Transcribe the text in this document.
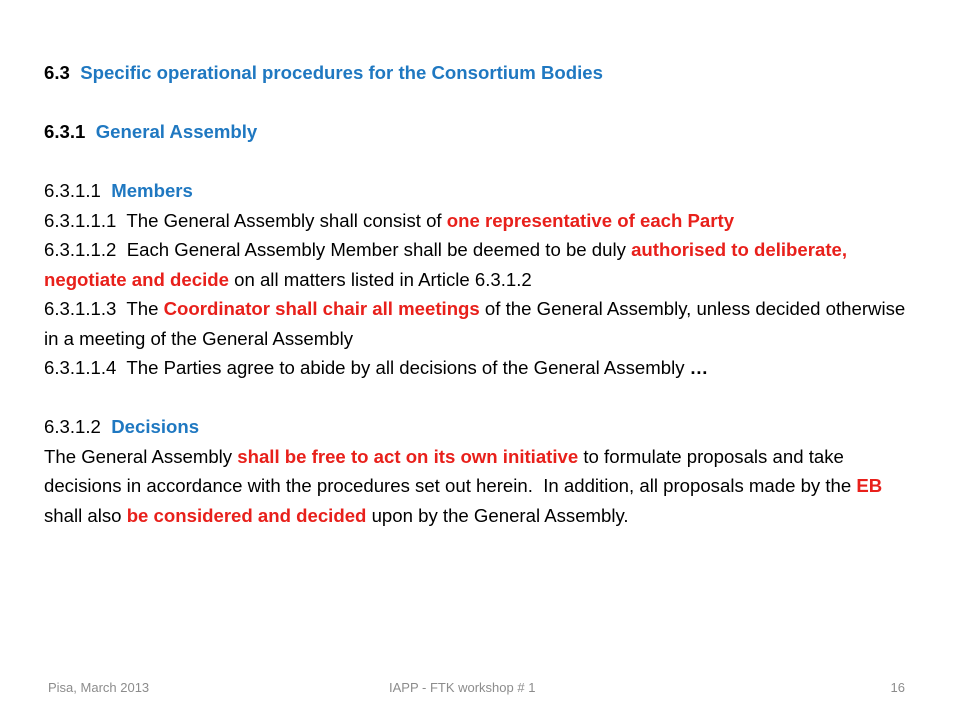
6.3 Specific operational procedures for the Consortium Bodies
6.3.1 General Assembly
6.3.1.1 Members
6.3.1.1.1 The General Assembly shall consist of one representative of each Party
6.3.1.1.2 Each General Assembly Member shall be deemed to be duly authorised to deliberate, negotiate and decide on all matters listed in Article 6.3.1.2
6.3.1.1.3 The Coordinator shall chair all meetings of the General Assembly, unless decided otherwise in a meeting of the General Assembly
6.3.1.1.4 The Parties agree to abide by all decisions of the General Assembly …
6.3.1.2 Decisions
The General Assembly shall be free to act on its own initiative to formulate proposals and take decisions in accordance with the procedures set out herein.  In addition, all proposals made by the EB shall also be considered and decided upon by the General Assembly.
Pisa, March 2013	IAPP - FTK workshop # 1	16
